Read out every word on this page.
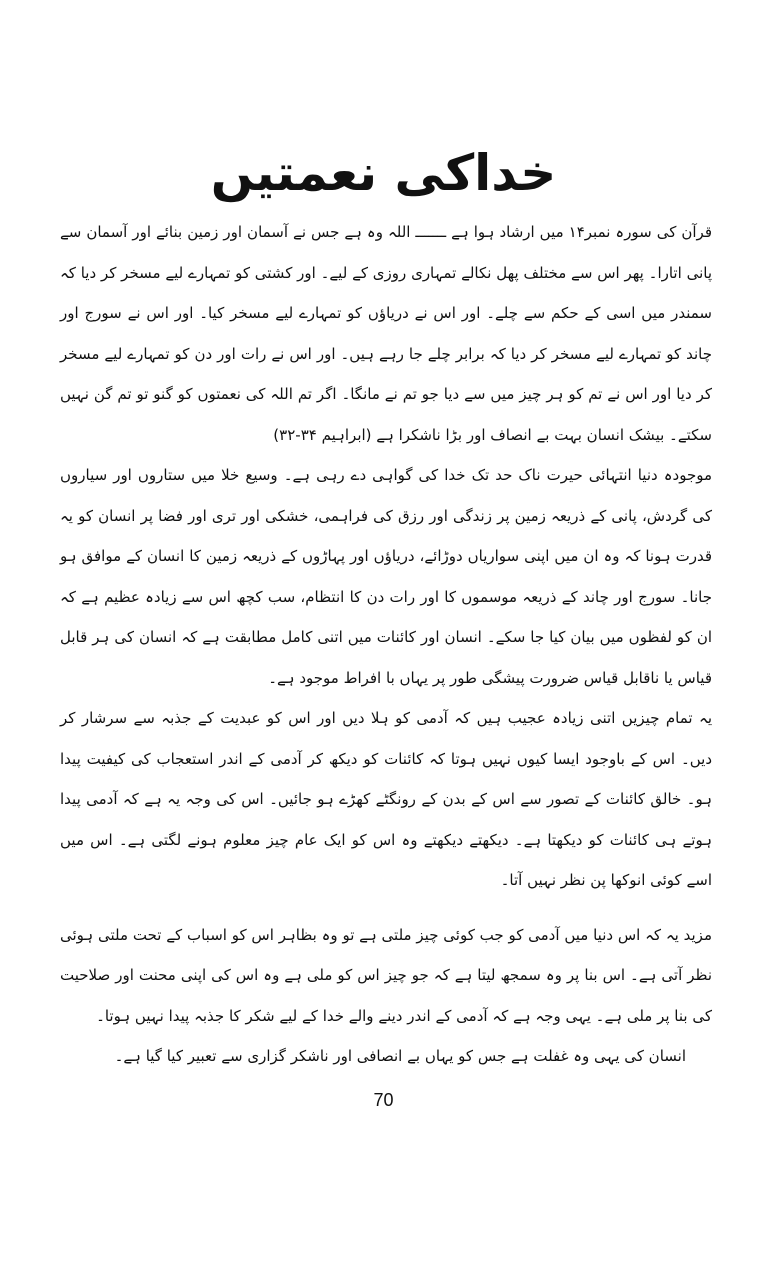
خداکی نعمتیں

قرآن کی سورہ نمبر۱۴ میں ارشاد ہوا ہے ـــــــ اللہ وہ ہے جس نے آسمان اور زمین بنائے اور آسمان سے پانی اتارا۔ پھر اس سے مختلف پھل نکالے تمہاری روزی کے لیے۔ اور کشتی کو تمہارے لیے مسخر کر دیا کہ سمندر میں اسی کے حکم سے چلے۔ اور اس نے دریاؤں کو تمہارے لیے مسخر کیا۔ اور اس نے سورج اور چاند کو تمہارے لیے مسخر کر دیا کہ برابر چلے جا رہے ہیں۔ اور اس نے رات اور دن کو تمہارے لیے مسخر کر دیا اور اس نے تم کو ہر چیز میں سے دیا جو تم نے مانگا۔ اگر تم اللہ کی نعمتوں کو گنو تو تم گن نہیں سکتے۔ بیشک انسان بہت بے انصاف اور بڑا ناشکرا ہے (ابراہیم ۳۴-۳۲)

موجودہ دنیا انتہائی حیرت ناک حد تک خدا کی گواہی دے رہی ہے۔ وسیع خلا میں ستاروں اور سیاروں کی گردش، پانی کے ذریعہ زمین پر زندگی اور رزق کی فراہمی، خشکی اور تری اور فضا پر انسان کو یہ قدرت ہونا کہ وہ ان میں اپنی سواریاں دوڑائے، دریاؤں اور پہاڑوں کے ذریعہ زمین کا انسان کے موافق ہو جانا۔ سورج اور چاند کے ذریعہ موسموں کا اور رات دن کا انتظام، سب کچھ اس سے زیادہ عظیم ہے کہ ان کو لفظوں میں بیان کیا جا سکے۔ انسان اور کائنات میں اتنی کامل مطابقت ہے کہ انسان کی ہر قابل قیاس یا ناقابل قیاس ضرورت پیشگی طور پر یہاں با افراط موجود ہے۔

یہ تمام چیزیں اتنی زیادہ عجیب ہیں کہ آدمی کو ہلا دیں اور اس کو عبدیت کے جذبہ سے سرشار کر دیں۔ اس کے باوجود ایسا کیوں نہیں ہوتا کہ کائنات کو دیکھ کر آدمی کے اندر استعجاب کی کیفیت پیدا ہو۔ خالق کائنات کے تصور سے اس کے بدن کے رونگٹے کھڑے ہو جائیں۔ اس کی وجہ یہ ہے کہ آدمی پیدا ہوتے ہی کائنات کو دیکھتا ہے۔ دیکھتے دیکھتے وہ اس کو ایک عام چیز معلوم ہونے لگتی ہے۔ اس میں اسے کوئی انوکھا پن نظر نہیں آتا۔

مزید یہ کہ اس دنیا میں آدمی کو جب کوئی چیز ملتی ہے تو وہ بظاہر اس کو اسباب کے تحت ملتی ہوئی نظر آتی ہے۔ اس بنا پر وہ سمجھ لیتا ہے کہ جو چیز اس کو ملی ہے وہ اس کی اپنی محنت اور صلاحیت کی بنا پر ملی ہے۔ یہی وجہ ہے کہ آدمی کے اندر دینے والے خدا کے لیے شکر کا جذبہ پیدا نہیں ہوتا۔

انسان کی یہی وہ غفلت ہے جس کو یہاں بے انصافی اور ناشکر گزاری سے تعبیر کیا گیا ہے۔

70
